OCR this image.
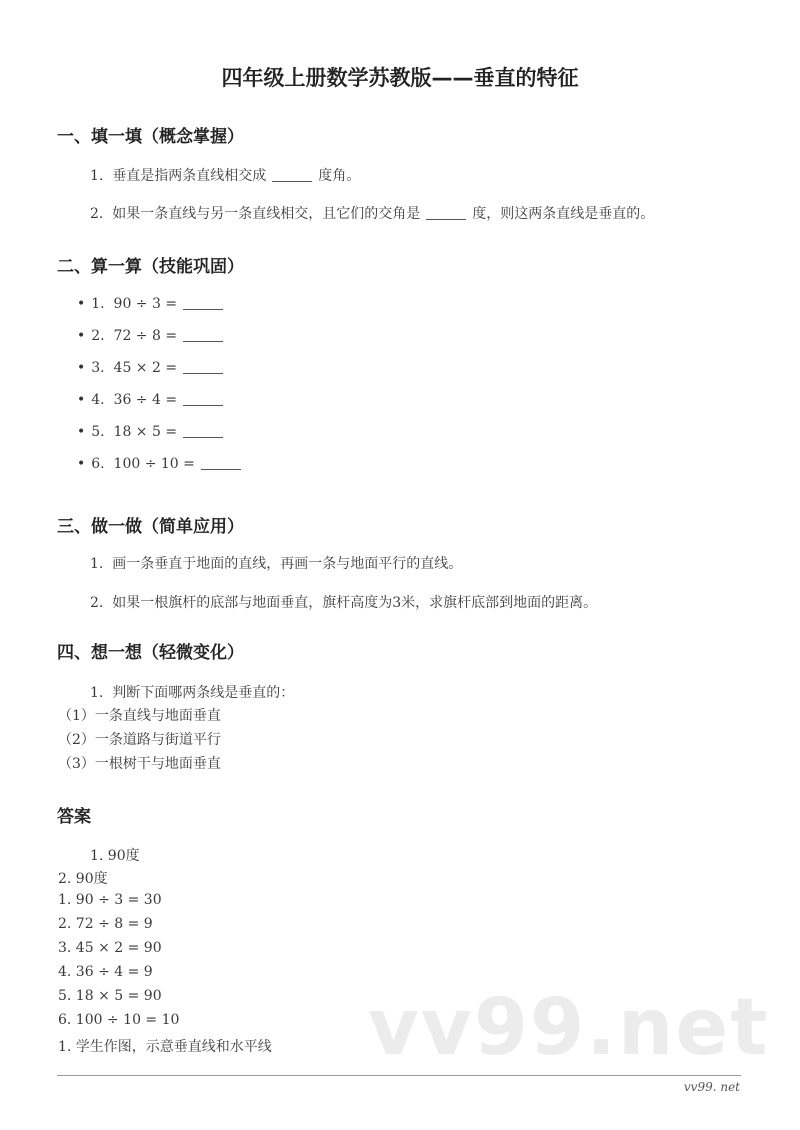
四年级上册数学苏教版——垂直的特征
一、填一填（概念掌握）
1. 垂直是指两条直线相交成	度角。
2. 如果一条直线与另一条直线相交，且它们的交角是	度，则这两条直线是垂直的。
二、算一算（技能巩固）
• 1. 90 ÷ 3 =
• 2. 72 ÷ 8 =
• 3. 45 × 2 =
• 4. 36 ÷ 4 =
• 5. 18 × 5 =
• 6. 100 ÷ 10 =
三、做一做（简单应用）
1. 画一条垂直于地面的直线，再画一条与地面平行的直线。
2. 如果一根旗杆的底部与地面垂直，旗杆高度为3米，求旗杆底部到地面的距离。
四、想一想（轻微变化）
1. 判断下面哪两条线是垂直的：
（1）一条直线与地面垂直
（2）一条道路与街道平行
（3）一根树干与地面垂直
答案
1. 90度
2. 90度
1. 90 ÷ 3 = 30
2. 72 ÷ 8 = 9
3. 45 × 2 = 90
4. 36 ÷ 4 = 9
5. 18 × 5 = 90
6. 100 ÷ 10 = 10 vv99.net
1. 学生作图，示意垂直线和水平线
vv99. net
